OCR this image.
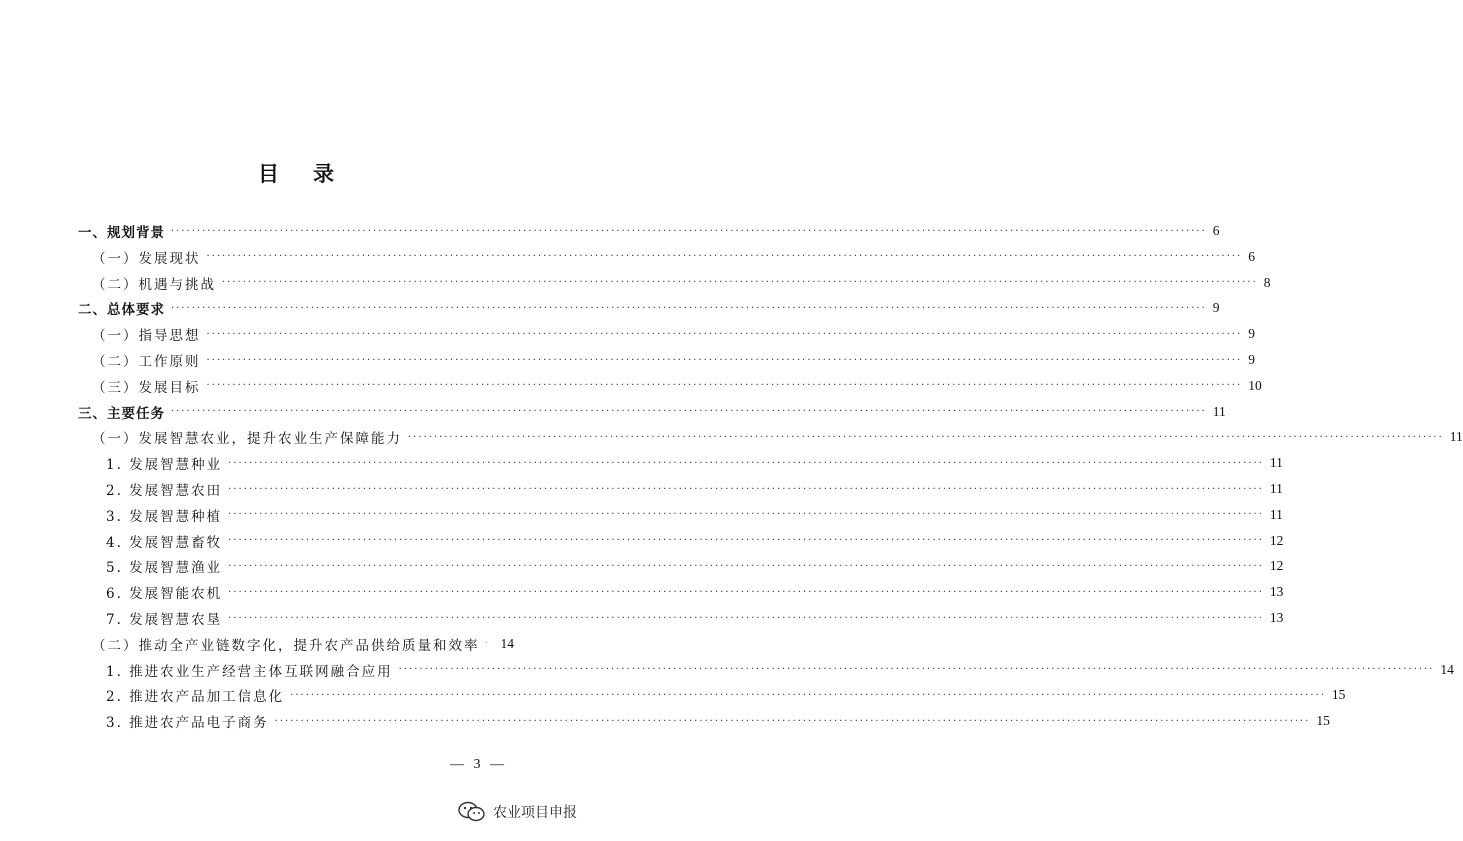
目录
一、规划背景 ········································································································································································································ 6
（一）发展现状 ········································································································································································································ 6
（二）机遇与挑战 ········································································································································································································ 8
二、总体要求 ········································································································································································································ 9
（一）指导思想 ········································································································································································································ 9
（二）工作原则 ········································································································································································································ 9
（三）发展目标 ········································································································································································································ 10
三、主要任务 ········································································································································································································ 11
（一）发展智慧农业，提升农业生产保障能力 ········································································································································································································ 11
1. 发展智慧种业 ········································································································································································································ 11
2. 发展智慧农田 ········································································································································································································ 11
3. 发展智慧种植 ········································································································································································································ 11
4. 发展智慧畜牧 ········································································································································································································ 12
5. 发展智慧渔业 ········································································································································································································ 12
6. 发展智能农机 ········································································································································································································ 13
7. 发展智慧农垦 ········································································································································································································ 13
（二）推动全产业链数字化，提升农产品供给质量和效率	14
1. 推进农业生产经营主体互联网融合应用 ········································································································································································································ 14
2. 推进农产品加工信息化 ········································································································································································································ 15
3. 推进农产品电子商务 ········································································································································································································ 15
— 3 —
农业项目申报
